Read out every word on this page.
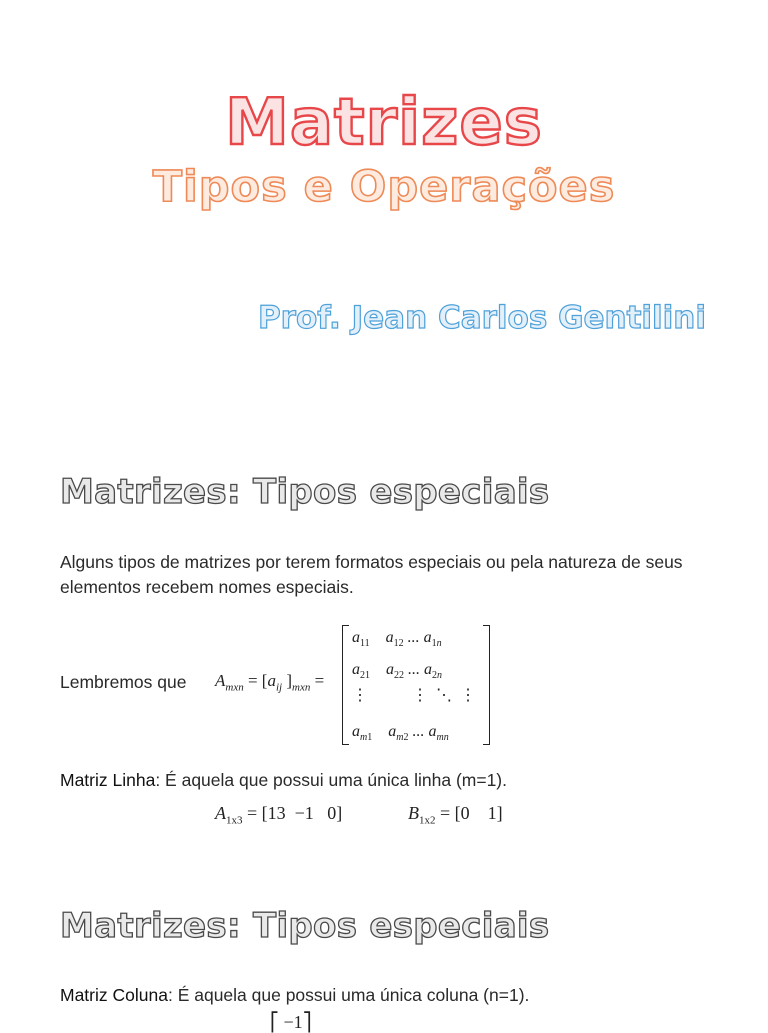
Matrizes
Tipos e Operações
Prof. Jean Carlos Gentilini
Matrizes: Tipos especiais
Alguns tipos de matrizes por terem formatos especiais ou pela natureza de seus elementos recebem nomes especiais.
Lembremos que $A_{mxn} = [a_{ij}$ ]$_{mxn}$ =
$a_{11}$ $a_{12}$ ... $a_{1n}$
$a_{21}$ $a_{22}$ ... $a_{2n}$
⋮           ⋮  ⋱  ⋮
$a_{m1}$ $a_{m2}$ ... $a_{mn}$
Matriz Linha: É aquela que possui uma única linha (m=1).
$A_{1x3} = [13 -1$   0]	$B_{1x2} = [0$    1]
Matrizes: Tipos especiais
Matriz Coluna: É aquela que possui uma única coluna (n=1).
⎡ −1⎤
